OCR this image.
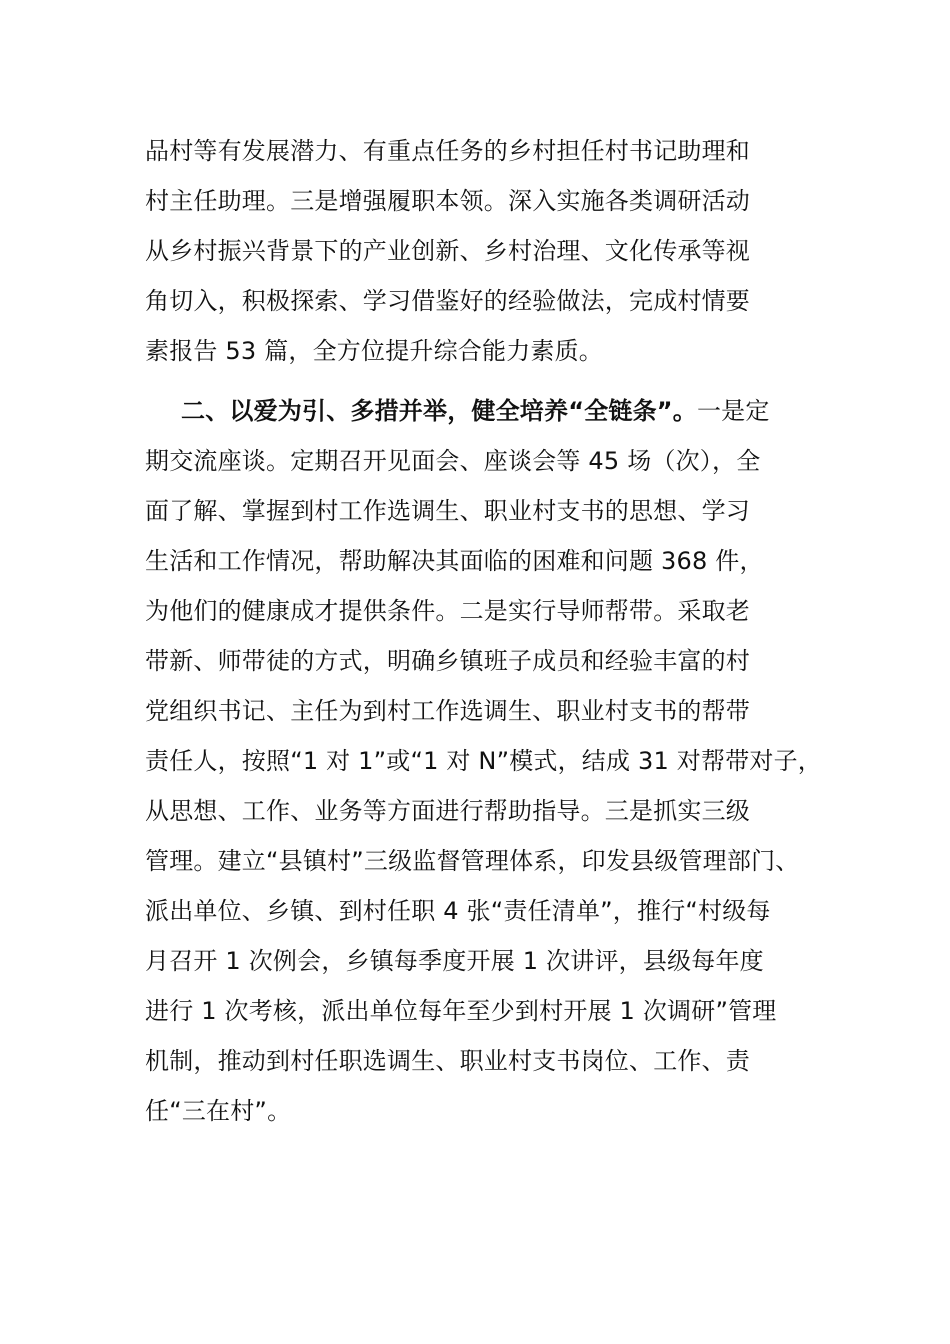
品村等有发展潜力、有重点任务的乡村担任村书记助理和
村主任助理。三是增强履职本领。深入实施各类调研活动
从乡村振兴背景下的产业创新、乡村治理、文化传承等视
角切入，积极探索、学习借鉴好的经验做法，完成村情要
素报告 53 篇，全方位提升综合能力素质。
二、以爱为引、多措并举，健全培养“全链条”。一是定
期交流座谈。定期召开见面会、座谈会等 45 场（次），全
面了解、掌握到村工作选调生、职业村支书的思想、学习
生活和工作情况，帮助解决其面临的困难和问题 368 件，
为他们的健康成才提供条件。二是实行导师帮带。采取老
带新、师带徒的方式，明确乡镇班子成员和经验丰富的村
党组织书记、主任为到村工作选调生、职业村支书的帮带
责任人，按照“1 对 1”或“1 对 N”模式，结成 31 对帮带对子，
从思想、工作、业务等方面进行帮助指导。三是抓实三级
管理。建立“县镇村”三级监督管理体系，印发县级管理部门、
派出单位、乡镇、到村任职 4 张“责任清单”，推行“村级每
月召开 1 次例会，乡镇每季度开展 1 次讲评，县级每年度
进行 1 次考核，派出单位每年至少到村开展 1 次调研”管理
机制，推动到村任职选调生、职业村支书岗位、工作、责
任“三在村”。
